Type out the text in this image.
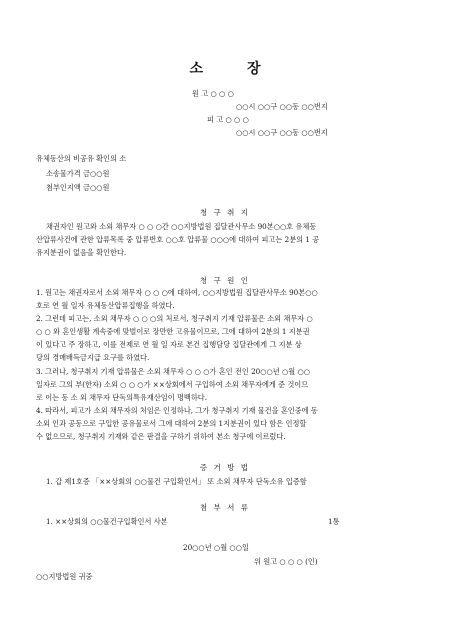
소	장
원 고 ○ ○ ○
○○시 ○○구 ○○동 ○○번지
피 고 ○ ○ ○
○○시 ○○구 ○○동 ○○번지
유체동산의 비공유 확인의 소
소송물가격 금○○원
첨부인지액 금○○원
청 구 취 지
채권자인 원고와 소외 채무자 ○ ○ ○간 ○○지방법원 집달관사무소 90본○○호 유체동
산압류사건에 관한 압류목록 중 압류번호 ○○호 압류물 ○○○에 대하여 피고는 2분의 1 공
유지분권이 없음을 확인한다.
청 구 원 인
1. 원고는 채권자로서 소외 채무자 ○ ○ ○에 대하여, ○○지방법원 집달관사무소 90본○○
호로 연 월 일자 유체동산압류집행을 하였다.
2. 그런데 피고는, 소외 채무자 ○ ○ ○의 처로서, 청구취지 기재 압류물은 소외 채무자 ○
○ ○ 와 혼인생활 계속중에 맞벌이로 장만한 고유물이므로, 그에 대하여 2분의 1 지분권
이 있다고 주 장하고, 이를 전제로 연 월 일 자로 본건 집행담당 집달관에게 그 지분 상
당의 경매배득금지급 요구를 하였다.
3. 그러나, 청구취지 기재 압류물은 소외 채무자 ○ ○ ○가 혼인 전인 20○○년 ○월 ○○
일자로 그의 부(한자) 소외 ○ ○ ○가 ××상회에서 구입하여 소외 채무자에게 준 것이므
로 이는 동 소 외 채무자 단독의특유재산임이 명백하다.
4. 따라서, 피고가 소외 채무자의 처임은 인정하나, 그가 청구취지 기재 물건을 혼인중에 동
소외 인과 공동으로 구입한 공유물로서 그에 대하여 2분의 1지분권이 있다 함은 인정할
수 없으므로, 청구취지 기재와 같은 판결을 구하기 위하여 본소 청구에 이르렀다.
증 거 방 법
1. 갑 제1호증 「××상회의 ○○물건 구입확인서」 또 소외 채무자 단독소유 입증함
첨 부 서 류
1. ××상회의 ○○물건구입확인서 사본	1통
20○○년 ○월 ○○일
위 원고 ○ ○ ○ (인)
○○지방법원 귀중
